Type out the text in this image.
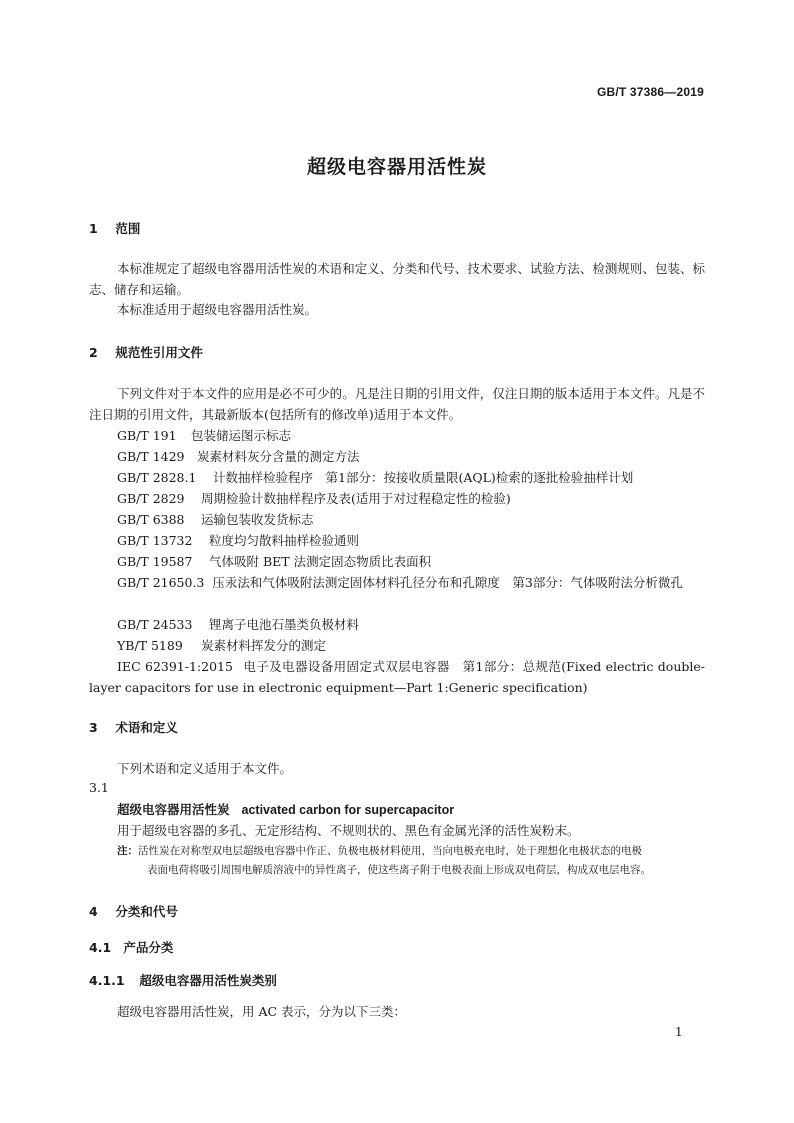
GB/T 37386—2019
超级电容器用活性炭
1 范围
本标准规定了超级电容器用活性炭的术语和定义、分类和代号、技术要求、试验方法、检测规则、包装、标志、储存和运输。
本标准适用于超级电容器用活性炭。
2 规范性引用文件
下列文件对于本文件的应用是必不可少的。凡是注日期的引用文件，仅注日期的版本适用于本文件。凡是不注日期的引用文件，其最新版本(包括所有的修改单)适用于本文件。
GB/T 191 包装储运图示标志
GB/T 1429 炭素材料灰分含量的测定方法
GB/T 2828.1 计数抽样检验程序　第1部分：按接收质量限(AQL)检索的逐批检验抽样计划
GB/T 2829 周期检验计数抽样程序及表(适用于对过程稳定性的检验)
GB/T 6388 运输包装收发货标志
GB/T 13732 粒度均匀散料抽样检验通则
GB/T 19587 气体吸附 BET 法测定固态物质比表面积
GB/T 21650.3 压汞法和气体吸附法测定固体材料孔径分布和孔隙度　第3部分：气体吸附法分析微孔
GB/T 24533 锂离子电池石墨类负极材料
YB/T 5189 炭素材料挥发分的测定
IEC 62391-1:2015 电子及电器设备用固定式双层电容器　第1部分：总规范(Fixed electric double-layer capacitors for use in electronic equipment—Part 1:Generic specification)
3 术语和定义
下列术语和定义适用于本文件。
3.1
超级电容器用活性炭 activated carbon for supercapacitor
用于超级电容器的多孔、无定形结构、不规则状的、黑色有金属光泽的活性炭粉末。
注：活性炭在对称型双电层超级电容器中作正、负极电极材料使用，当向电极充电时，处于理想化电极状态的电极
表面电荷将吸引周围电解质溶液中的异性离子，使这些离子附于电极表面上形成双电荷层，构成双电层电容。
4 分类和代号
4.1 产品分类
4.1.1 超级电容器用活性炭类别
超级电容器用活性炭，用 AC 表示，分为以下三类：
1
